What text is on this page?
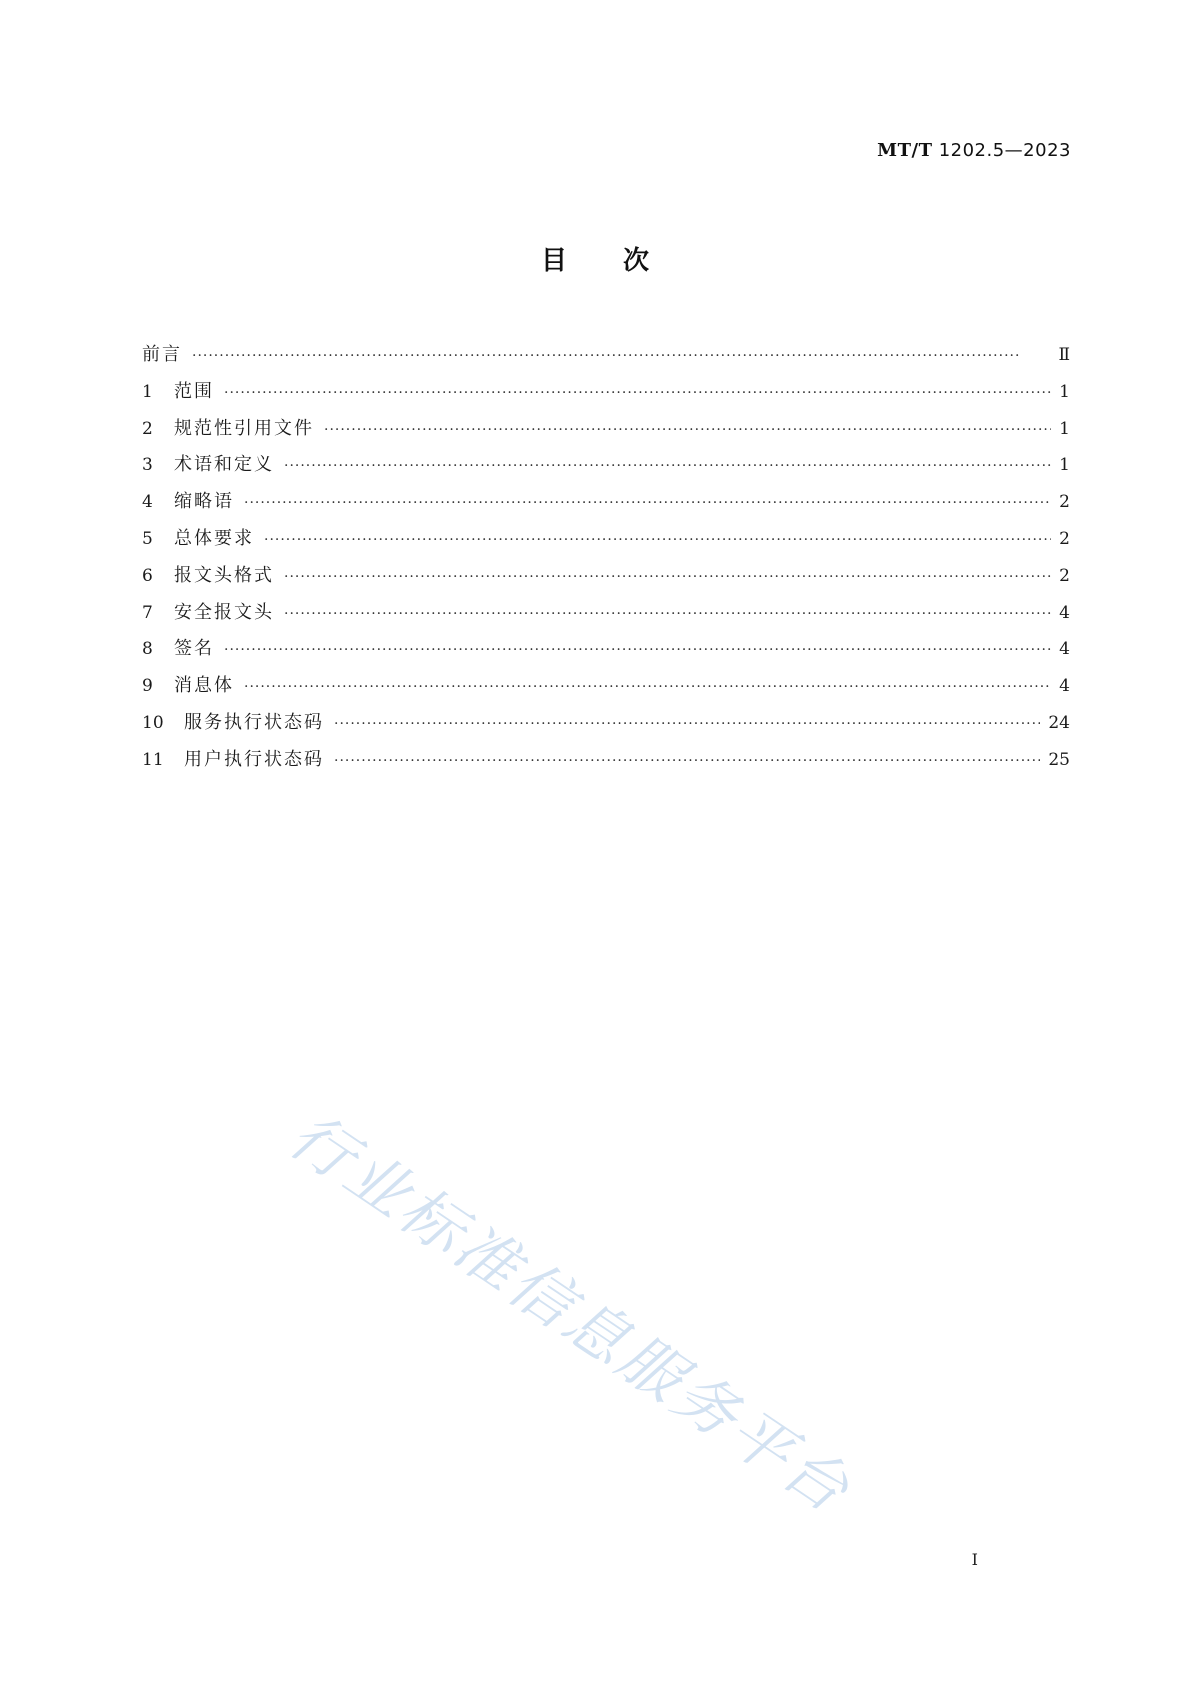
MT/T 1202.5—2023
目 次
前言 ·····	Ⅱ
1	范围 ·····	1
2	规范性引用文件 ·····	1
3	术语和定义 ·····	1
4	缩略语 ·····	2
5	总体要求 ·····	2
6	报文头格式 ·····	2
7	安全报文头 ·····	4
8	签名 ·····	4
9	消息体 ·····	4
10	服务执行状态码 ·····	24
11	用户执行状态码 ·····	25
行业标准信息服务平台
I
